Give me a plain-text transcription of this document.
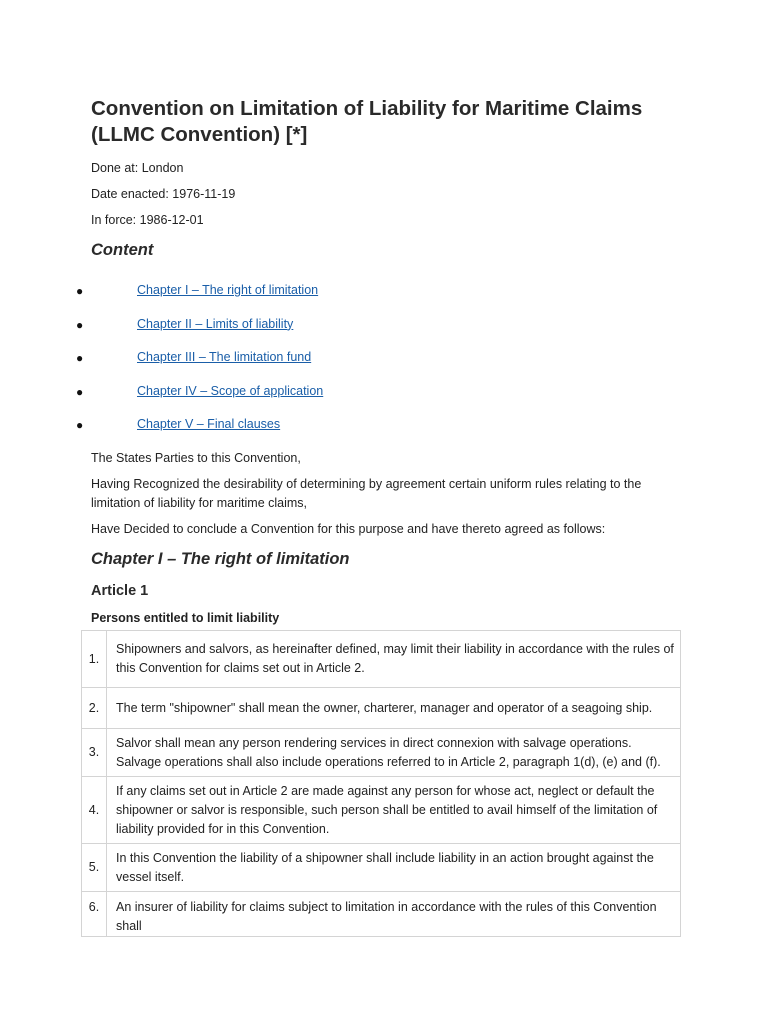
Convention on Limitation of Liability for Maritime Claims (LLMC Convention) [*]

Done at: London

Date enacted: 1976-11-19

In force: 1986-12-01

Content
●	Chapter I – The right of limitation
●	Chapter II – Limits of liability
●	Chapter III – The limitation fund
●	Chapter IV – Scope of application
●	Chapter V – Final clauses

The States Parties to this Convention,

Having Recognized the desirability of determining by agreement certain uniform rules relating to the limitation of liability for maritime claims,

Have Decided to conclude a Convention for this purpose and have thereto agreed as follows:

Chapter I – The right of limitation
Article 1
Persons entitled to limit liability
1.	Shipowners and salvors, as hereinafter defined, may limit their liability in accordance with the rules of this Convention for claims set out in Article 2.
2.	The term "shipowner" shall mean the owner, charterer, manager and operator of a seagoing ship.
3.	Salvor shall mean any person rendering services in direct connexion with salvage operations. Salvage operations shall also include operations referred to in Article 2, paragraph 1(d), (e) and (f).
4.	If any claims set out in Article 2 are made against any person for whose act, neglect or default the shipowner or salvor is responsible, such person shall be entitled to avail himself of the limitation of liability provided for in this Convention.
5.	In this Convention the liability of a shipowner shall include liability in an action brought against the vessel itself.
6.	An insurer of liability for claims subject to limitation in accordance with the rules of this Convention shall
